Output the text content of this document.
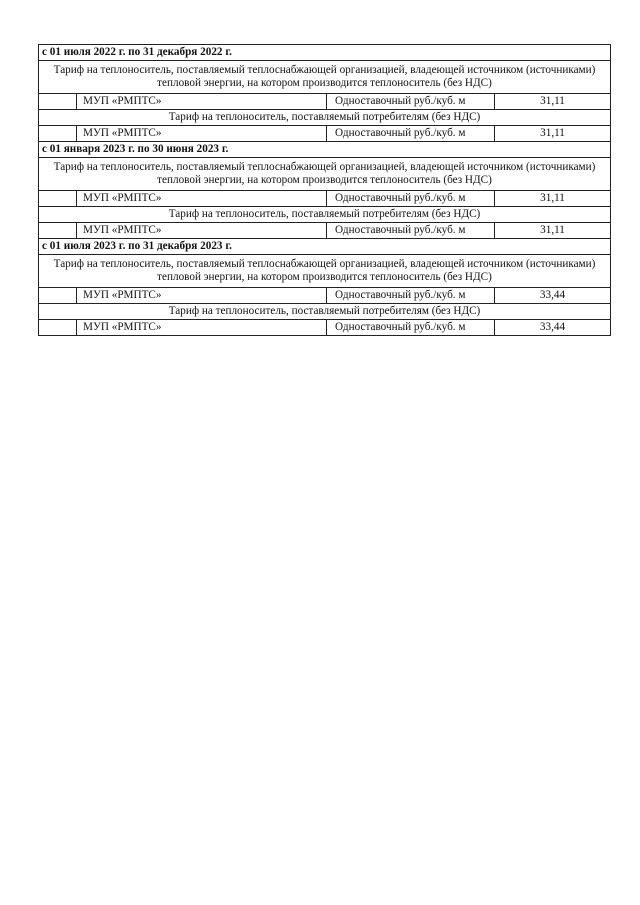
с 01 июля 2022 г. по 31 декабря 2022 г.			
Тариф на теплоноситель, поставляемый теплоснабжающей организацией, владеющей источником (источниками) тепловой энергии, на котором производится теплоноситель (без НДС)			
	МУП «РМПТС»	Одноставочный руб./куб. м	31,11
Тариф на теплоноситель, поставляемый потребителям (без НДС)			
	МУП «РМПТС»	Одноставочный руб./куб. м	31,11
с 01 января 2023 г. по 30 июня 2023 г.			
Тариф на теплоноситель, поставляемый теплоснабжающей организацией, владеющей источником (источниками) тепловой энергии, на котором производится теплоноситель (без НДС)			
	МУП «РМПТС»	Одноставочный руб./куб. м	31,11
Тариф на теплоноситель, поставляемый потребителям (без НДС)			
	МУП «РМПТС»	Одноставочный руб./куб. м	31,11
с 01 июля 2023 г. по 31 декабря 2023 г.			
Тариф на теплоноситель, поставляемый теплоснабжающей организацией, владеющей источником (источниками) тепловой энергии, на котором производится теплоноситель (без НДС)			
	МУП «РМПТС»	Одноставочный руб./куб. м	33,44
Тариф на теплоноситель, поставляемый потребителям (без НДС)			
	МУП «РМПТС»	Одноставочный руб./куб. м	33,44
